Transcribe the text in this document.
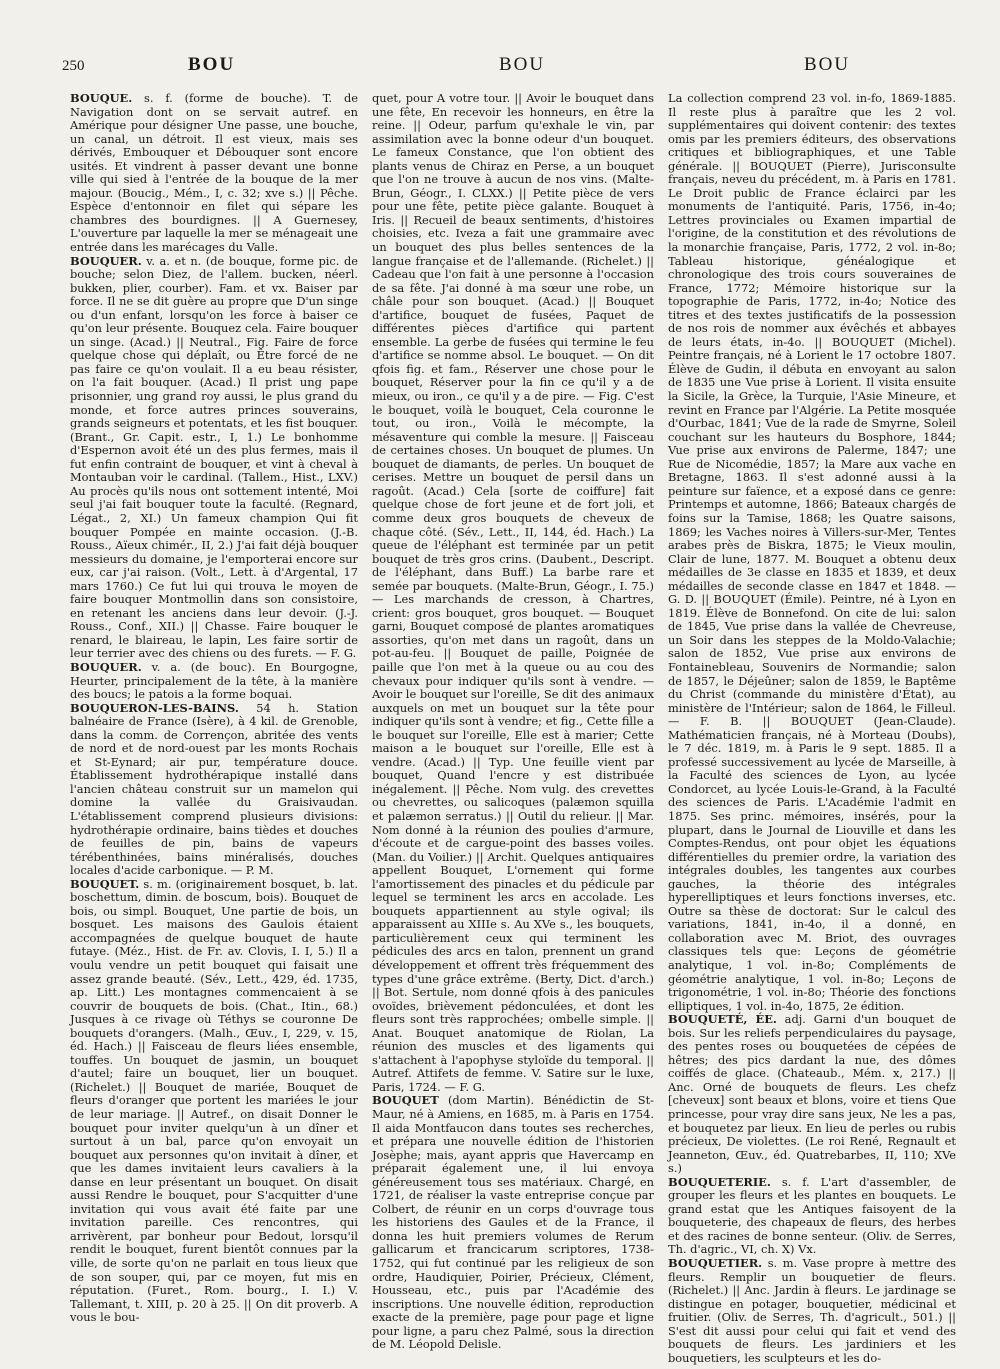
250	BOU	BOU	BOU

BOUQUE. s. f. (forme de bouche). T. de Navigation dont on se servait autref. en Amérique pour désigner Une passe, une bouche, un canal, un détroit. Il est vieux, mais ses dérivés, Embouquer et Débouquer sont encore usités. Et vindrent à passer devant une bonne ville qui sied à l'entrée de la bouque de la mer majour. (Boucig., Mém., I, c. 32; xve s.) || Pêche. Espèce d'entonnoir en filet qui sépare les chambres des bourdignes. || A Guernesey, L'ouverture par laquelle la mer se ménageait une entrée dans les marécages du Valle.

BOUQUER. v. a. et n. (de bouque, forme pic. de bouche; selon Diez, de l'allem. bucken, néerl. bukken, plier, courber). Fam. et vx. Baiser par force. Il ne se dit guère au propre que D'un singe ou d'un enfant, lorsqu'on les force à baiser ce qu'on leur présente. Bouquez cela. Faire bouquer un singe. (Acad.) || Neutral., Fig. Faire de force quelque chose qui déplaît, ou Être forcé de ne pas faire ce qu'on voulait. Il a eu beau résister, on l'a fait bouquer. (Acad.) Il prist ung pape prisonnier, ung grand roy aussi, le plus grand du monde, et force autres princes souverains, grands seigneurs et potentats, et les fist bouquer. (Brant., Gr. Capit. estr., I, 1.) Le bonhomme d'Espernon avoit été un des plus fermes, mais il fut enfin contraint de bouquer, et vint à cheval à Montauban voir le cardinal. (Tallem., Hist., LXV.) Au procès qu'ils nous ont sottement intenté, Moi seul j'ai fait bouquer toute la faculté. (Regnard, Légat., 2, XI.) Un fameux champion Qui fit bouquer Pompée en mainte occasion. (J.-B. Rouss., Aïeux chimér., II, 2.) J'ai fait déjà bouquer messieurs du domaine, je l'emporterai encore sur eux, car j'ai raison. (Volt., Lett. à d'Argental, 17 mars 1760.) Ce fut lui qui trouva le moyen de faire bouquer Montmollin dans son consistoire, en retenant les anciens dans leur devoir. (J.-J. Rouss., Conf., XII.) || Chasse. Faire bouquer le renard, le blaireau, le lapin, Les faire sortir de leur terrier avec des chiens ou des furets. — F. G.

BOUQUER. v. a. (de bouc). En Bourgogne, Heurter, principalement de la tête, à la manière des boucs; le patois a la forme boquai.

BOUQUERON-LES-BAINS. 54 h. Station balnéaire de France (Isère), à 4 kil. de Grenoble, dans la comm. de Corrençon, abritée des vents de nord et de nord-ouest par les monts Rochais et St-Eynard; air pur, température douce. Établissement hydrothérapique installé dans l'ancien château construit sur un mamelon qui domine la vallée du Graisivaudan. L'établissement comprend plusieurs divisions: hydrothérapie ordinaire, bains tièdes et douches de feuilles de pin, bains de vapeurs térébenthinées, bains minéralisés, douches locales d'acide carbonique. — P. M.

BOUQUET. s. m. (originairement bosquet, b. lat. boschettum, dimin. de boscum, bois). Bouquet de bois, ou simpl. Bouquet, Une partie de bois, un bosquet. Les maisons des Gaulois étaient accompagnées de quelque bouquet de haute futaye. (Méz., Hist. de Fr. av. Clovis, I. I, 5.) Il a voulu vendre un petit bouquet qui faisait une assez grande beauté. (Sév., Lett., 429, éd. 1735, ap. Litt.) Les montagnes commencaient à se couvrir de bouquets de bois. (Chat., Itin., 68.) Jusques à ce rivage où Téthys se couronne De bouquets d'orangers. (Malh., Œuv., I, 229, v. 15, éd. Hach.) || Faisceau de fleurs liées ensemble, touffes. Un bouquet de jasmin, un bouquet d'autel; faire un bouquet, lier un bouquet. (Richelet.) || Bouquet de mariée, Bouquet de fleurs d'oranger que portent les mariées le jour de leur mariage. || Autref., on disait Donner le bouquet pour inviter quelqu'un à un dîner et surtout à un bal, parce qu'on envoyait un bouquet aux personnes qu'on invitait à dîner, et que les dames invitaient leurs cavaliers à la danse en leur présentant un bouquet. On disait aussi Rendre le bouquet, pour S'acquitter d'une invitation qui vous avait été faite par une invitation pareille. Ces rencontres, qui arrivèrent, par bonheur pour Bedout, lorsqu'il rendit le bouquet, furent bientôt connues par la ville, de sorte qu'on ne parlait en tous lieux que de son souper, qui, par ce moyen, fut mis en réputation. (Furet., Rom. bourg., I. I.) V. Tallemant, t. XIII, p. 20 à 25. || On dit proverb. A vous le bou-

quet, pour A votre tour. || Avoir le bouquet dans une fête, En recevoir les honneurs, en être la reine. || Odeur, parfum qu'exhale le vin, par assimilation avec la bonne odeur d'un bouquet. Le fameux Constance, que l'on obtient des plants venus de Chiraz en Perse, a un bouquet que l'on ne trouve à aucun de nos vins. (Malte-Brun, Géogr., I. CLXX.) || Petite pièce de vers pour une fête, petite pièce galante. Bouquet à Iris. || Recueil de beaux sentiments, d'histoires choisies, etc. Iveza a fait une grammaire avec un bouquet des plus belles sentences de la langue française et de l'allemande. (Richelet.) || Cadeau que l'on fait à une personne à l'occasion de sa fête. J'ai donné à ma sœur une robe, un châle pour son bouquet. (Acad.) || Bouquet d'artifice, bouquet de fusées, Paquet de différentes pièces d'artifice qui partent ensemble. La gerbe de fusées qui termine le feu d'artifice se nomme absol. Le bouquet. — On dit qfois fig. et fam., Réserver une chose pour le bouquet, Réserver pour la fin ce qu'il y a de mieux, ou iron., ce qu'il y a de pire. — Fig. C'est le bouquet, voilà le bouquet, Cela couronne le tout, ou iron., Voilà le mécompte, la mésaventure qui comble la mesure. || Faisceau de certaines choses. Un bouquet de plumes. Un bouquet de diamants, de perles. Un bouquet de cerises. Mettre un bouquet de persil dans un ragoût. (Acad.) Cela [sorte de coiffure] fait quelque chose de fort jeune et de fort joli, et comme deux gros bouquets de cheveux de chaque côté. (Sév., Lett., II, 144, éd. Hach.) La queue de l'éléphant est terminée par un petit bouquet de très gros crins. (Daubent., Descript. de l'éléphant, dans Buff.) La barbe rare et semée par bouquets. (Malte-Brun, Géogr., I. 75.) — Les marchands de cresson, à Chartres, crient: gros bouquet, gros bouquet. — Bouquet garni, Bouquet composé de plantes aromatiques assorties, qu'on met dans un ragoût, dans un pot-au-feu. || Bouquet de paille, Poignée de paille que l'on met à la queue ou au cou des chevaux pour indiquer qu'ils sont à vendre. — Avoir le bouquet sur l'oreille, Se dit des animaux auxquels on met un bouquet sur la tête pour indiquer qu'ils sont à vendre; et fig., Cette fille a le bouquet sur l'oreille, Elle est à marier; Cette maison a le bouquet sur l'oreille, Elle est à vendre. (Acad.) || Typ. Une feuille vient par bouquet, Quand l'encre y est distribuée inégalement. || Pêche. Nom vulg. des crevettes ou chevrettes, ou salicoques (palæmon squilla et palæmon serratus.) || Outil du relieur. || Mar. Nom donné à la réunion des poulies d'armure, d'écoute et de cargue-point des basses voiles. (Man. du Voilier.) || Archit. Quelques antiquaires appellent Bouquet, L'ornement qui forme l'amortissement des pinacles et du pédicule par lequel se terminent les arcs en accolade. Les bouquets appartiennent au style ogival; ils apparaissent au XIIIe s. Au XVe s., les bouquets, particulièrement ceux qui terminent les pédicules des arcs en talon, prennent un grand développement et offrent très fréquemment des types d'une grâce extrême. (Berty, Dict. d'arch.) || Bot. Sertule, nom donné qfois à des panicules ovoïdes, brièvement pédonculées, et dont les fleurs sont très rapprochées; ombelle simple. || Anat. Bouquet anatomique de Riolan, La réunion des muscles et des ligaments qui s'attachent à l'apophyse styloïde du temporal. || Autref. Attifets de femme. V. Satire sur le luxe, Paris, 1724. — F. G.

BOUQUET (dom Martin). Bénédictin de St-Maur, né à Amiens, en 1685, m. à Paris en 1754. Il aida Montfaucon dans toutes ses recherches, et prépara une nouvelle édition de l'historien Josèphe; mais, ayant appris que Havercamp en préparait également une, il lui envoya généreusement tous ses matériaux. Chargé, en 1721, de réaliser la vaste entreprise conçue par Colbert, de réunir en un corps d'ouvrage tous les historiens des Gaules et de la France, il donna les huit premiers volumes de Rerum gallicarum et francicarum scriptores, 1738-1752, qui fut continué par les religieux de son ordre, Haudiquier, Poirier, Précieux, Clément, Housseau, etc., puis par l'Académie des inscriptions. Une nouvelle édition, reproduction exacte de la première, page pour page et ligne pour ligne, a paru chez Palmé, sous la direction de M. Léopold Delisle.

La collection comprend 23 vol. in-fo, 1869-1885. Il reste plus à paraître que les 2 vol. supplémentaires qui doivent contenir: des textes omis par les premiers éditeurs, des observations critiques et bibliographiques, et une Table générale. || BOUQUET (Pierre), Jurisconsulte français, neveu du précédent, m. à Paris en 1781. Le Droit public de France éclairci par les monuments de l'antiquité. Paris, 1756, in-4o; Lettres provinciales ou Examen impartial de l'origine, de la constitution et des révolutions de la monarchie française, Paris, 1772, 2 vol. in-8o; Tableau historique, généalogique et chronologique des trois cours souveraines de France, 1772; Mémoire historique sur la topographie de Paris, 1772, in-4o; Notice des titres et des textes justificatifs de la possession de nos rois de nommer aux évêchés et abbayes de leurs états, in-4o. || BOUQUET (Michel). Peintre français, né à Lorient le 17 octobre 1807. Élève de Gudin, il débuta en envoyant au salon de 1835 une Vue prise à Lorient. Il visita ensuite la Sicile, la Grèce, la Turquie, l'Asie Mineure, et revint en France par l'Algérie. La Petite mosquée d'Ourbac, 1841; Vue de la rade de Smyrne, Soleil couchant sur les hauteurs du Bosphore, 1844; Vue prise aux environs de Palerme, 1847; une Rue de Nicomédie, 1857; la Mare aux vache en Bretagne, 1863. Il s'est adonné aussi à la peinture sur faïence, et a exposé dans ce genre: Printemps et automne, 1866; Bateaux chargés de foins sur la Tamise, 1868; les Quatre saisons, 1869; les Vaches noires à Villers-sur-Mer, Tentes arabes près de Biskra, 1875; le Vieux moulin, Clair de lune, 1877. M. Bouquet a obtenu deux médailles de 3e classe en 1835 et 1839, et deux médailles de seconde classe en 1847 et 1848. — G. D. || BOUQUET (Émile). Peintre, né à Lyon en 1819. Élève de Bonnefond. On cite de lui: salon de 1845, Vue prise dans la vallée de Chevreuse, un Soir dans les steppes de la Moldo-Valachie; salon de 1852, Vue prise aux environs de Fontainebleau, Souvenirs de Normandie; salon de 1857, le Déjeûner; salon de 1859, le Baptême du Christ (commande du ministère d'État), au ministère de l'Intérieur; salon de 1864, le Filleul. — F. B. || BOUQUET (Jean-Claude). Mathématicien français, né à Morteau (Doubs), le 7 déc. 1819, m. à Paris le 9 sept. 1885. Il a professé successivement au lycée de Marseille, à la Faculté des sciences de Lyon, au lycée Condorcet, au lycée Louis-le-Grand, à la Faculté des sciences de Paris. L'Académie l'admit en 1875. Ses princ. mémoires, insérés, pour la plupart, dans le Journal de Liouville et dans les Comptes-Rendus, ont pour objet les équations différentielles du premier ordre, la variation des intégrales doubles, les tangentes aux courbes gauches, la théorie des intégrales hyperelliptiques et leurs fonctions inverses, etc. Outre sa thèse de doctorat: Sur le calcul des variations, 1841, in-4o, il a donné, en collaboration avec M. Briot, des ouvrages classiques tels que: Leçons de géométrie analytique, 1 vol. in-8o; Compléments de géométrie analytique, 1 vol. in-8o; Leçons de trigonométrie, 1 vol. in-8o; Théorie des fonctions elliptiques, 1 vol. in-4o, 1875, 2e édition.

BOUQUETÉ, ÉE. adj. Garni d'un bouquet de bois. Sur les reliefs perpendiculaires du paysage, des pentes roses ou bouquetées de cépées de hêtres; des pics dardant la nue, des dômes coiffés de glace. (Chateaub., Mém. x, 217.) || Anc. Orné de bouquets de fleurs. Les chefz [cheveux] sont beaux et blons, voire et tiens Que princesse, pour vray dire sans jeux, Ne les a pas, et bouquetez par lieux. En lieu de perles ou rubis précieux, De violettes. (Le roi René, Regnault et Jeanneton, Œuv., éd. Quatrebarbes, II, 110; XVe s.)

BOUQUETERIE. s. f. L'art d'assembler, de grouper les fleurs et les plantes en bouquets. Le grand estat que les Antiques faisoyent de la bouqueterie, des chapeaux de fleurs, des herbes et des racines de bonne senteur. (Oliv. de Serres, Th. d'agric., VI, ch. X) Vx.

BOUQUETIER. s. m. Vase propre à mettre des fleurs. Remplir un bouquetier de fleurs. (Richelet.) || Anc. Jardin à fleurs. Le jardinage se distingue en potager, bouquetier, médicinal et fruitier. (Oliv. de Serres, Th. d'agricult., 501.) || S'est dit aussi pour celui qui fait et vend des bouquets de fleurs. Les jardiniers et les bouquetiers, les sculpteurs et les do-
